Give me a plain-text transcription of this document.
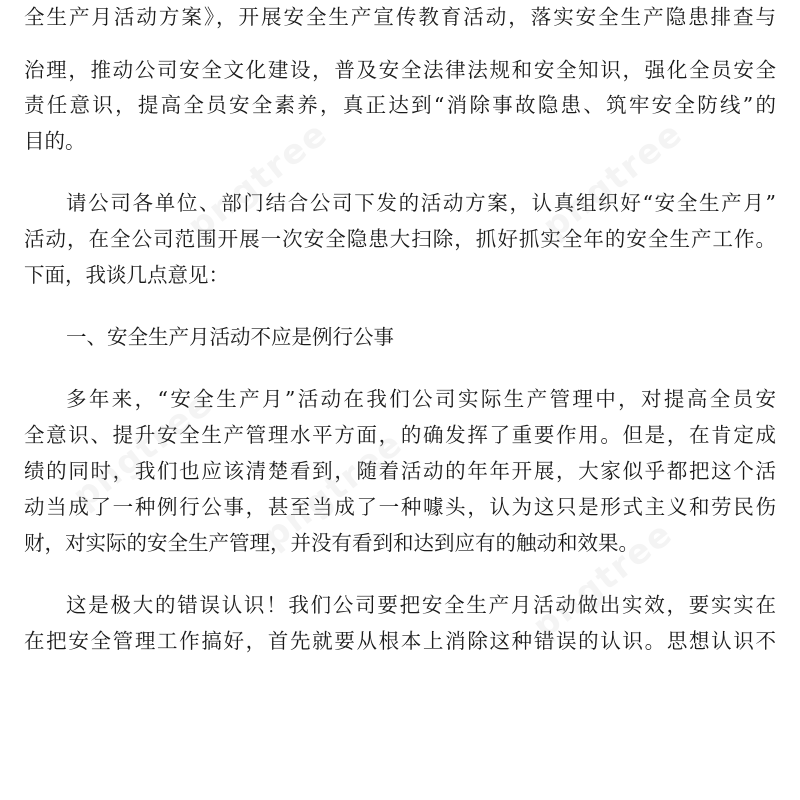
全生产月活动方案》，开展安全生产宣传教育活动，落实安全生产隐患排查与
治理，推动公司安全文化建设，普及安全法律法规和安全知识，强化全员安全
责任意识，提高全员安全素养，真正达到“消除事故隐患、筑牢安全防线”的
目的。
请公司各单位、部门结合公司下发的活动方案，认真组织好“安全生产月”
活动，在全公司范围开展一次安全隐患大扫除，抓好抓实全年的安全生产工作。
下面，我谈几点意见：
一、安全生产月活动不应是例行公事
多年来，“安全生产月”活动在我们公司实际生产管理中，对提高全员安
全意识、提升安全生产管理水平方面，的确发挥了重要作用。但是，在肯定成
绩的同时，我们也应该清楚看到，随着活动的年年开展，大家似乎都把这个活
动当成了一种例行公事，甚至当成了一种噱头，认为这只是形式主义和劳民伤
财，对实际的安全生产管理，并没有看到和达到应有的触动和效果。
这是极大的错误认识！我们公司要把安全生产月活动做出实效，要实实在
在把安全管理工作搞好，首先就要从根本上消除这种错误的认识。思想认识不
pngtree	pngtree
pngtree pngtree
pngtree
